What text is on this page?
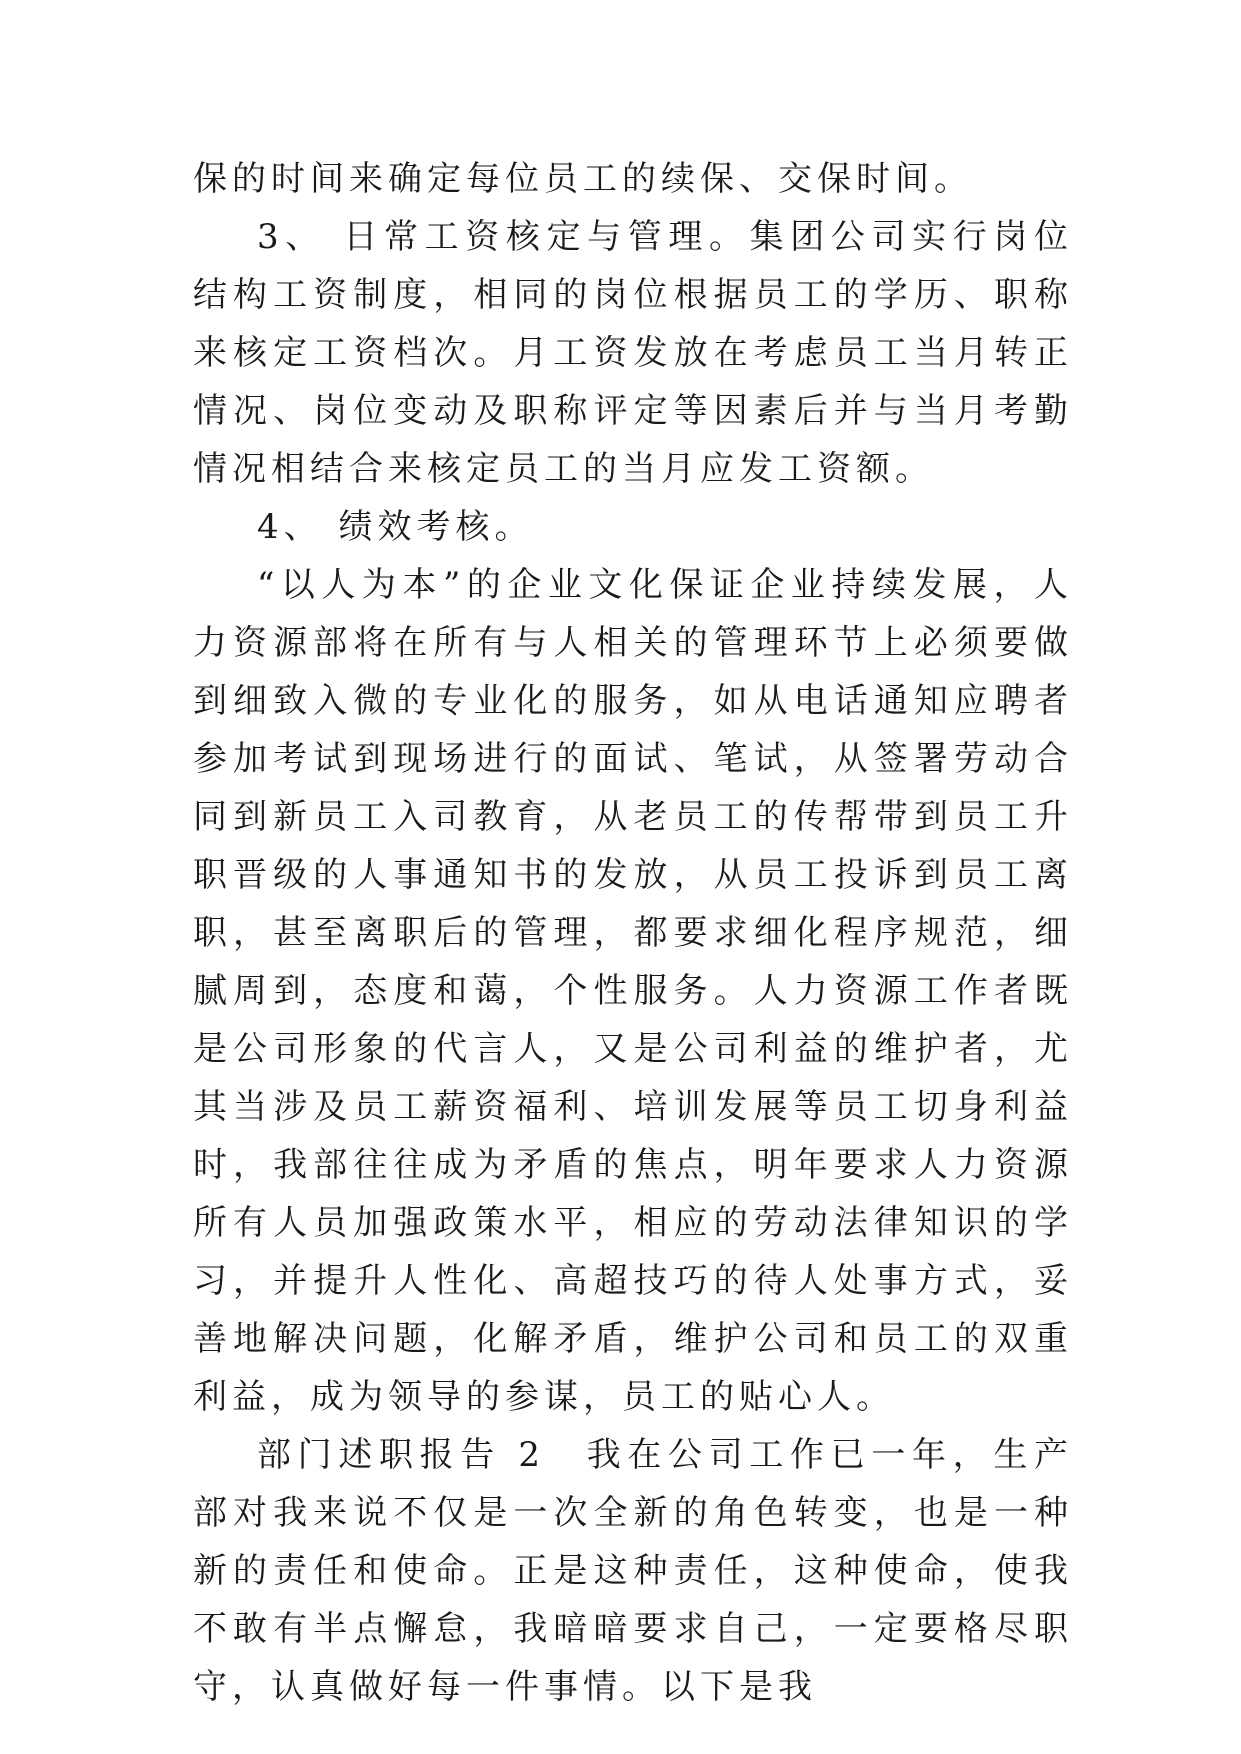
保的时间来确定每位员工的续保、交保时间。

3、 日常工资核定与管理。集团公司实行岗位结构工资制度，相同的岗位根据员工的学历、职称来核定工资档次。月工资发放在考虑员工当月转正情况、岗位变动及职称评定等因素后并与当月考勤情况相结合来核定员工的当月应发工资额。

4、 绩效考核。

“以人为本”的企业文化保证企业持续发展，人力资源部将在所有与人相关的管理环节上必须要做到细致入微的专业化的服务，如从电话通知应聘者参加考试到现场进行的面试、笔试，从签署劳动合同到新员工入司教育，从老员工的传帮带到员工升职晋级的人事通知书的发放，从员工投诉到员工离职，甚至离职后的管理，都要求细化程序规范，细腻周到，态度和蔼，个性服务。人力资源工作者既是公司形象的代言人，又是公司利益的维护者，尤其当涉及员工薪资福利、培训发展等员工切身利益时，我部往往成为矛盾的焦点，明年要求人力资源所有人员加强政策水平，相应的劳动法律知识的学习，并提升人性化、高超技巧的待人处事方式，妥善地解决问题，化解矛盾，维护公司和员工的双重利益，成为领导的参谋，员工的贴心人。

部门述职报告 2 我在公司工作已一年，生产部对我来说不仅是一次全新的角色转变，也是一种新的责任和使命。正是这种责任，这种使命，使我不敢有半点懈怠，我暗暗要求自己，一定要格尽职守，认真做好每一件事情。以下是我
